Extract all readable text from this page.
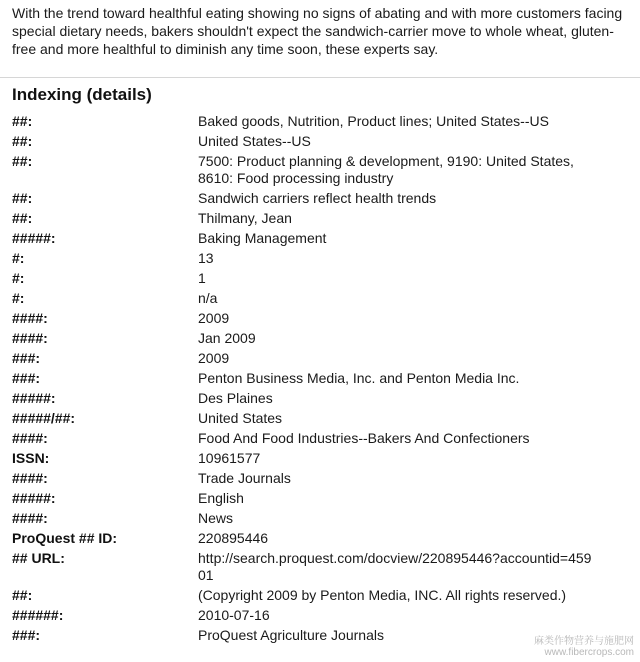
With the trend toward healthful eating showing no signs of abating and with more customers facing special dietary needs, bakers shouldn't expect the sandwich-carrier move to whole wheat, gluten-free and more healthful to diminish any time soon, these experts say.

Indexing (details)
##:	Baked goods, Nutrition, Product lines; United States--US
##:	United States--US
##:	7500: Product planning & development, 9190: United States, 8610: Food processing industry
##:	Sandwich carriers reflect health trends
##:	Thilmany, Jean
#####:	Baking Management
#:	13
#:	1
#:	n/a
####:	2009
####:	Jan 2009
###:	2009
###:	Penton Business Media, Inc. and Penton Media Inc.
#####:	Des Plaines
#####/##:	United States
####:	Food And Food Industries--Bakers And Confectioners
ISSN:	10961577
####:	Trade Journals
#####:	English
####:	News
ProQuest ## ID:	220895446
## URL:	http://search.proquest.com/docview/220895446?accountid=45901
##:	(Copyright 2009 by Penton Media, INC. All rights reserved.)
######:	2010-07-16
###:	ProQuest Agriculture Journals	麻类作物营养与施肥网
www.fibercrops.com
